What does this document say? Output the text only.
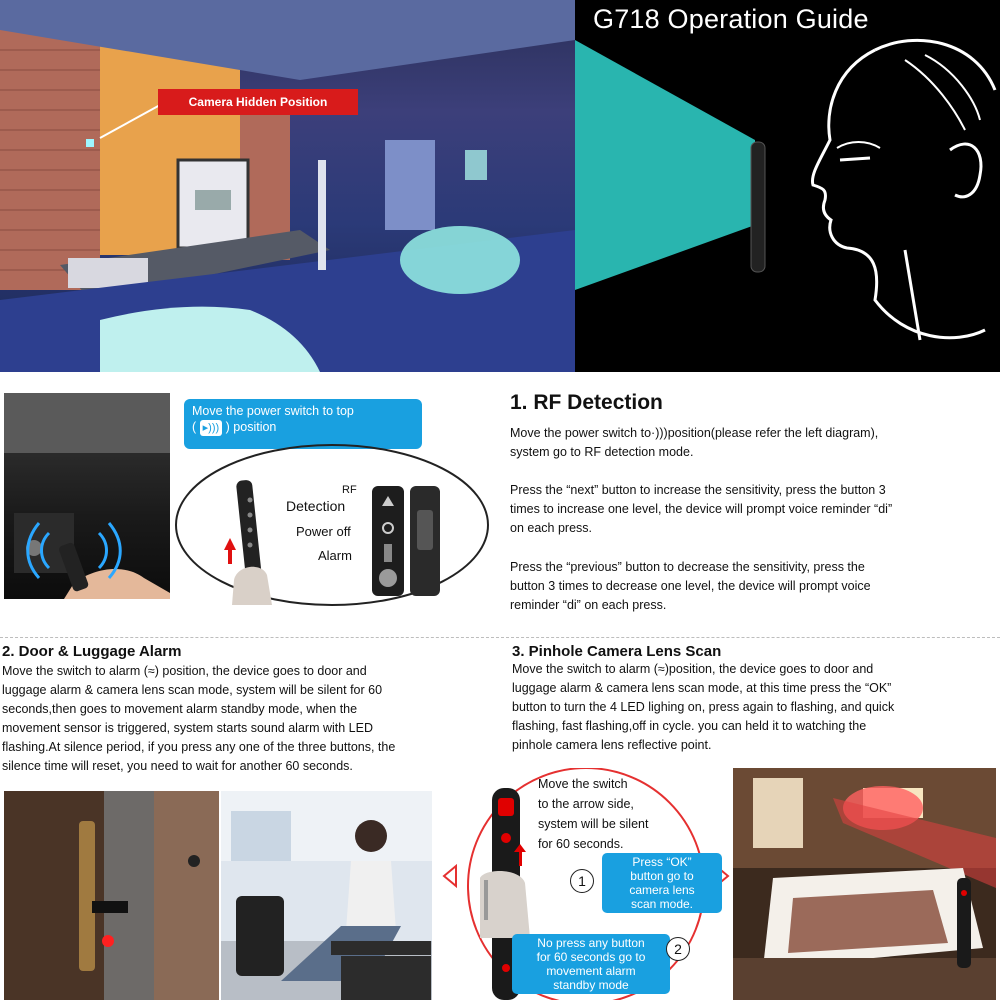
G718 Operation Guide
Camera Hidden Position
Move the power switch to top
( ▸))) ) position
RF
Detection
Power off
Alarm
1. RF Detection
Move the power switch to·)))position(please refer the left diagram),
system go to RF detection mode.
Press the “next” button to increase the sensitivity, press the button 3
times to increase one level, the device will prompt voice reminder “di”
on each press.
Press the “previous” button to decrease the sensitivity, press the
button 3 times to decrease one level, the device will prompt voice
reminder “di” on each press.
2. Door & Luggage Alarm
Move the switch to alarm (≈) position, the device goes to door and
luggage alarm & camera lens scan mode, system will be silent for 60
seconds,then goes to movement alarm standby mode, when the
movement sensor is triggered, system starts sound alarm with LED
flashing.At silence period, if you press any one of the three buttons, the
silence time will reset, you need to wait for another 60 seconds.
3. Pinhole Camera Lens Scan
Move the switch to alarm (≈)position, the device goes to door and
luggage alarm & camera lens scan mode, at this time press the “OK”
button to turn the 4 LED lighing on, press again to flashing, and quick
flashing, fast flashing,off in cycle. you can held it to watching the
pinhole camera lens reflective point.
Move the switch
to the arrow side,
system will be silent
for 60 seconds.
1
Press “OK”
button go to
camera lens
scan mode.
No press any button
for 60 seconds go to
movement alarm
standby mode
2
